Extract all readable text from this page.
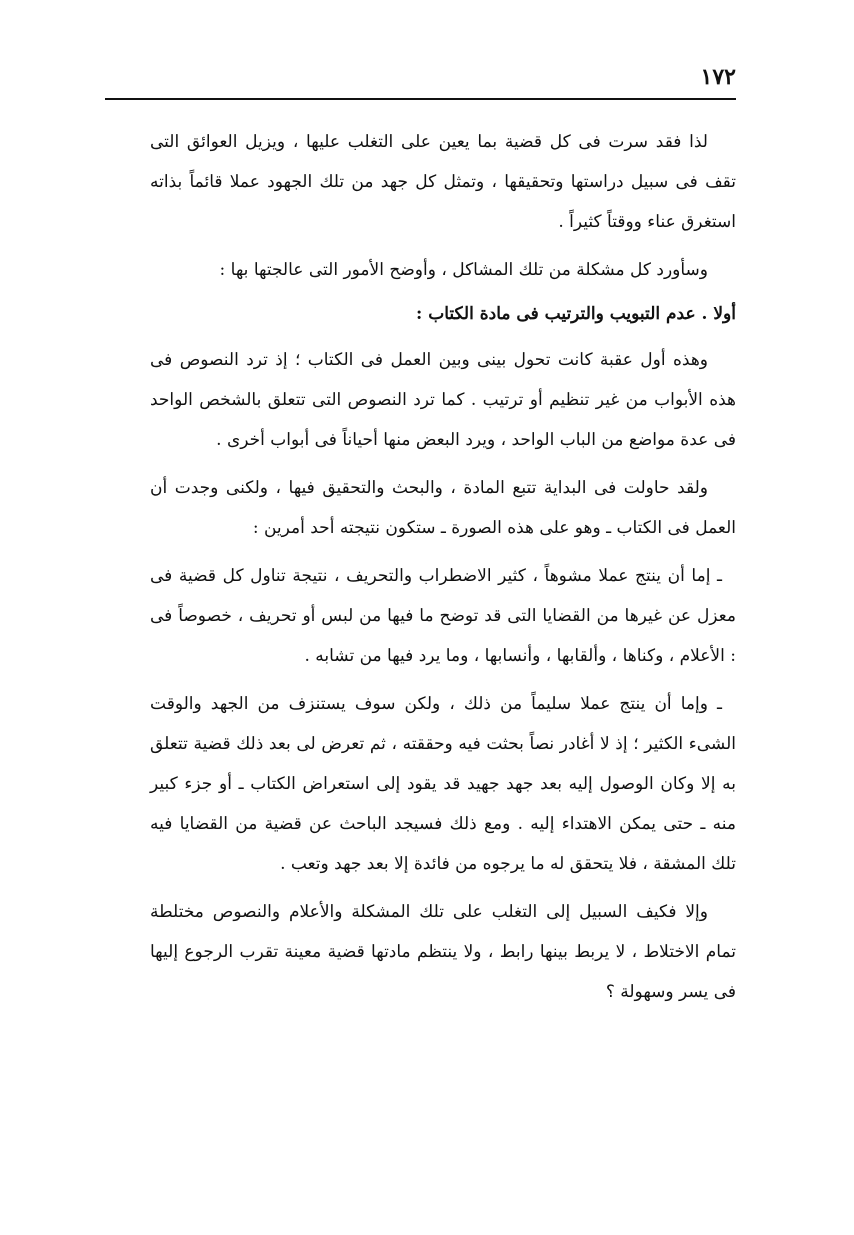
١٧٢

لذا فقد سرت فى كل قضية بما يعين على التغلب عليها ، ويزيل العوائق التى تقف فى سبيل دراستها وتحقيقها ، وتمثل كل جهد من تلك الجهود عملا قائماً بذاته استغرق عناء ووقتاً كثيراً .

وسأورد كل مشكلة من تلك المشاكل ، وأوضح الأمور التى عالجتها بها :

أولا . عدم التبويب والترتيب فى مادة الكتاب :

وهذه أول عقبة كانت تحول بينى وبين العمل فى الكتاب ؛ إذ ترد النصوص فى هذه الأبواب من غير تنظيم أو ترتيب . كما ترد النصوص التى تتعلق بالشخص الواحد فى عدة مواضع من الباب الواحد ، ويرد البعض منها أحياناً فى أبواب أخرى .

ولقد حاولت فى البداية تتبع المادة ، والبحث والتحقيق فيها ، ولكنى وجدت أن العمل فى الكتاب ـ وهو على هذه الصورة ـ ستكون نتيجته أحد أمرين :

ـ إما أن ينتج عملا مشوهاً ، كثير الاضطراب والتحريف ، نتيجة تناول كل قضية فى معزل عن غيرها من القضايا التى قد توضح ما فيها من لبس أو تحريف ، خصوصاً فى : الأعلام ، وكناها ، وألقابها ، وأنسابها ، وما يرد فيها من تشابه .

ـ وإما أن ينتج عملا سليماً من ذلك ، ولكن سوف يستنزف من الجهد والوقت الشىء الكثير ؛ إذ لا أغادر نصاً بحثت فيه وحققته ، ثم تعرض لى بعد ذلك قضية تتعلق به إلا وكان الوصول إليه بعد جهد جهيد قد يقود إلى استعراض الكتاب ـ أو جزء كبير منه ـ حتى يمكن الاهتداء إليه . ومع ذلك فسيجد الباحث عن قضية من القضايا فيه تلك المشقة ، فلا يتحقق له ما يرجوه من فائدة إلا بعد جهد وتعب .

وإلا فكيف السبيل إلى التغلب على تلك المشكلة والأعلام والنصوص مختلطة تمام الاختلاط ، لا يربط بينها رابط ، ولا ينتظم مادتها قضية معينة تقرب الرجوع إليها فى يسر وسهولة ؟
